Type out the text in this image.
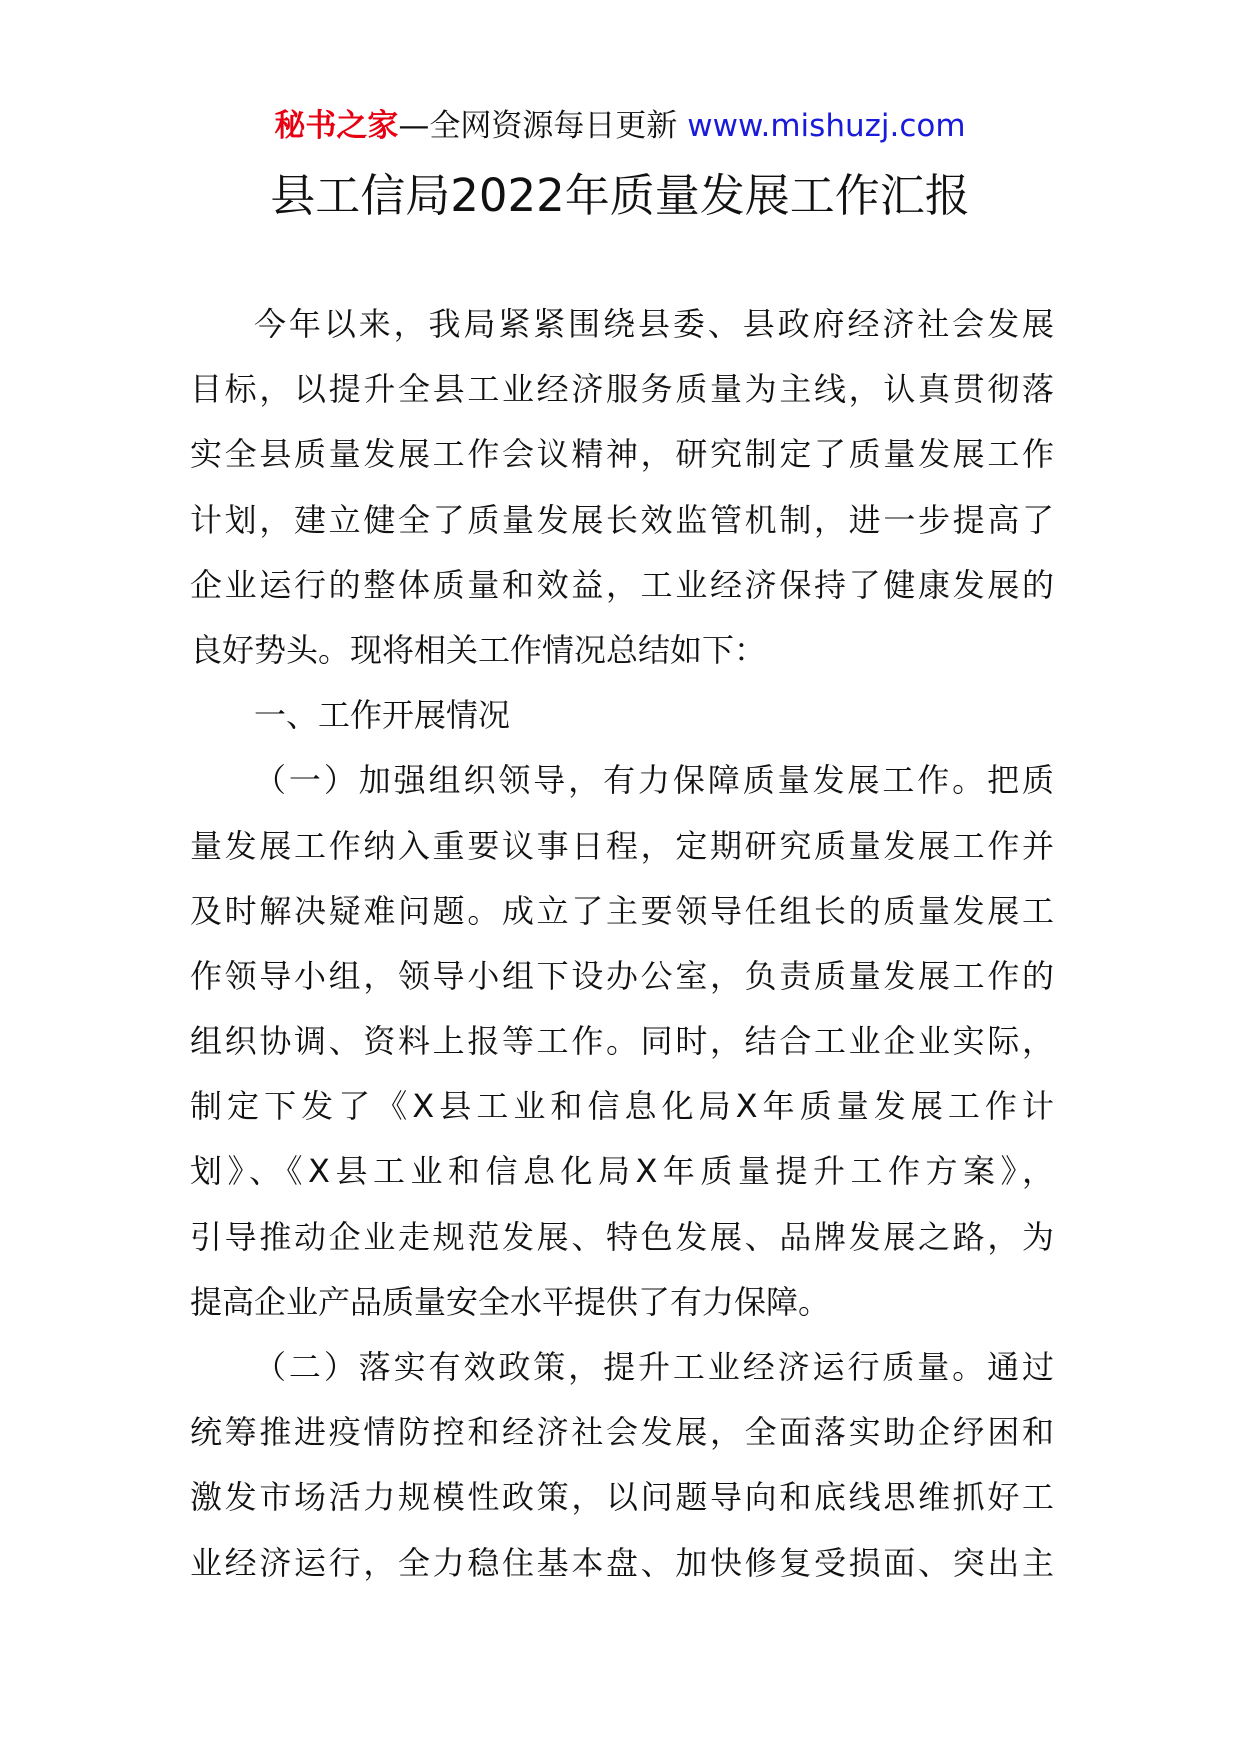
秘书之家—全网资源每日更新 www.mishuzj.com
县工信局2022年质量发展工作汇报
今年以来，我局紧紧围绕县委、县政府经济社会发展
目标，以提升全县工业经济服务质量为主线，认真贯彻落
实全县质量发展工作会议精神，研究制定了质量发展工作
计划，建立健全了质量发展长效监管机制，进一步提高了
企业运行的整体质量和效益，工业经济保持了健康发展的
良好势头。现将相关工作情况总结如下：
一、工作开展情况
（一）加强组织领导，有力保障质量发展工作。把质
量发展工作纳入重要议事日程，定期研究质量发展工作并
及时解决疑难问题。成立了主要领导任组长的质量发展工
作领导小组，领导小组下设办公室，负责质量发展工作的
组织协调、资料上报等工作。同时，结合工业企业实际，
制定下发了《X县工业和信息化局X年质量发展工作计
划》、《X县工业和信息化局X年质量提升工作方案》，
引导推动企业走规范发展、特色发展、品牌发展之路，为
提高企业产品质量安全水平提供了有力保障。
（二）落实有效政策，提升工业经济运行质量。通过
统筹推进疫情防控和经济社会发展，全面落实助企纾困和
激发市场活力规模性政策，以问题导向和底线思维抓好工
业经济运行，全力稳住基本盘、加快修复受损面、突出主
